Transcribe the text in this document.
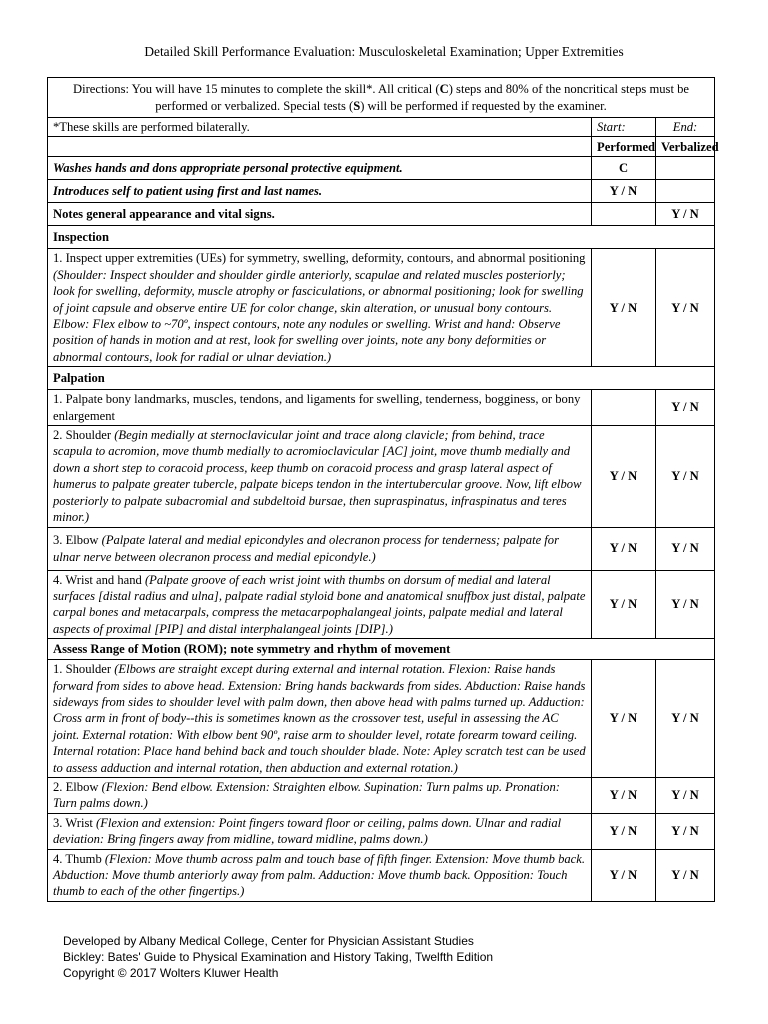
Detailed Skill Performance Evaluation: Musculoskeletal Examination; Upper Extremities
Directions: You will have 15 minutes to complete the skill*. All critical (C) steps and 80% of the noncritical steps must be performed or verbalized. Special tests (S) will be performed if requested by the examiner.		
*These skills are performed bilaterally.	Start:	End:
	Performed	Verbalized
Washes hands and dons appropriate personal protective equipment.	C	
Introduces self to patient using first and last names.	Y / N	
Notes general appearance and vital signs.		Y / N
Inspection		
1. Inspect upper extremities (UEs) for symmetry, swelling, deformity, contours, and abnormal positioning (Shoulder: Inspect shoulder and shoulder girdle anteriorly, scapulae and related muscles posteriorly; look for swelling, deformity, muscle atrophy or fasciculations, or abnormal positioning; look for swelling of joint capsule and observe entire UE for color change, skin alteration, or unusual bony contours. Elbow: Flex elbow to ~70º, inspect contours, note any nodules or swelling. Wrist and hand: Observe position of hands in motion and at rest, look for swelling over joints, note any bony deformities or abnormal contours, look for radial or ulnar deviation.)	Y / N	Y / N
Palpation		
1. Palpate bony landmarks, muscles, tendons, and ligaments for swelling, tenderness, bogginess, or bony enlargement		Y / N
2. Shoulder (Begin medially at sternoclavicular joint and trace along clavicle; from behind, trace scapula to acromion, move thumb medially to acromioclavicular [AC] joint, move thumb medially and down a short step to coracoid process, keep thumb on coracoid process and grasp lateral aspect of humerus to palpate greater tubercle, palpate biceps tendon in the intertubercular groove. Now, lift elbow posteriorly to palpate subacromial and subdeltoid bursae, then supraspinatus, infraspinatus and teres minor.)	Y / N	Y / N
3. Elbow (Palpate lateral and medial epicondyles and olecranon process for tenderness; palpate for ulnar nerve between olecranon process and medial epicondyle.)	Y / N	Y / N
4. Wrist and hand (Palpate groove of each wrist joint with thumbs on dorsum of medial and lateral surfaces [distal radius and ulna], palpate radial styloid bone and anatomical snuffbox just distal, palpate carpal bones and metacarpals, compress the metacarpophalangeal joints, palpate medial and lateral aspects of proximal [PIP] and distal interphalangeal joints [DIP].)	Y / N	Y / N
Assess Range of Motion (ROM); note symmetry and rhythm of movement		
1. Shoulder (Elbows are straight except during external and internal rotation. Flexion: Raise hands forward from sides to above head. Extension: Bring hands backwards from sides. Abduction: Raise hands sideways from sides to shoulder level with palm down, then above head with palms turned up. Adduction: Cross arm in front of body--this is sometimes known as the crossover test, useful in assessing the AC joint. External rotation: With elbow bent 90º, raise arm to shoulder level, rotate forearm toward ceiling. Internal rotation: Place hand behind back and touch shoulder blade. Note: Apley scratch test can be used to assess adduction and internal rotation, then abduction and external rotation.)	Y / N	Y / N
2. Elbow (Flexion: Bend elbow. Extension: Straighten elbow. Supination: Turn palms up. Pronation: Turn palms down.)	Y / N	Y / N
3. Wrist (Flexion and extension: Point fingers toward floor or ceiling, palms down. Ulnar and radial deviation: Bring fingers away from midline, toward midline, palms down.)	Y / N	Y / N
4. Thumb (Flexion: Move thumb across palm and touch base of fifth finger. Extension: Move thumb back. Abduction: Move thumb anteriorly away from palm. Adduction: Move thumb back. Opposition: Touch thumb to each of the other fingertips.)	Y / N	Y / N
Developed by Albany Medical College, Center for Physician Assistant Studies
Bickley: Bates' Guide to Physical Examination and History Taking, Twelfth Edition
Copyright © 2017 Wolters Kluwer Health
